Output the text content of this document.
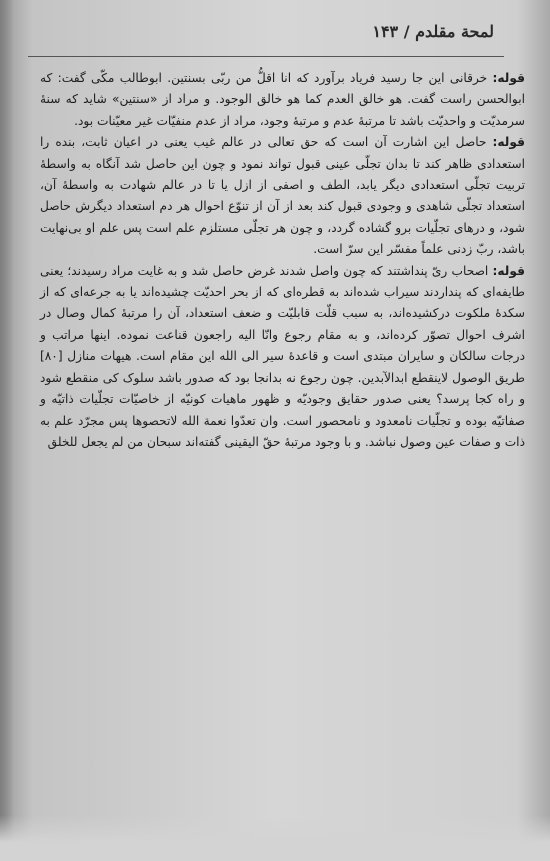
لمحة مقلدم / ۱۴۳

قوله: خرقانی این جا رسید فریاد برآورد که انا اقلُّ من ربّی بسنتین. ابوطالب مکّی گفت: که ابوالحسن راست گفت. هو خالق العدم کما هو خالق الوجود. و مراد از «سنتین» شاید که سنهٔ سرمدیّت و واحدیّت باشد تا مرتبهٔ عدم و مرتبهٔ وجود، مراد از عدم منفیّات غیر معیّنات بود.

قوله: حاصل این اشارت آن است که حق تعالی در عالم غیب یعنی در اعیان ثابت، بنده را استعدادی ظاهر کند تا بدان تجلّی عینی قبول تواند نمود و چون این حاصل شد آنگاه به واسطهٔ تربیت تجلّی استعدادی دیگر یابد، الطف و اصفی از ازل یا تا در عالم شهادت به واسطهٔ آن، استعداد تجلّی شاهدی و وجودی قبول کند بعد از آن از تنوّع احوال هر دم استعداد دیگرش حاصل شود، و درهای تجلّیات برو گشاده گردد، و چون هر تجلّی مستلزم علم است پس علم او بی‌نهایت باشد، ربّ زدنی علماً مفسّر این سرّ است.

قوله: اصحاب ریّ پنداشتند که چون واصل شدند غرض حاصل شد و به غایت مراد رسیدند؛ یعنی طایفه‌ای که پنداردند سیراب شده‌اند به قطره‌ای که از بحر احدیّت چشیده‌اند یا به جرعه‌ای که از سکدهٔ ملکوت درکشیده‌اند، به سبب قلّت قابلیّت و ضعف استعداد، آن را مرتبهٔ کمال وصال در اشرف احوال تصوّر کرده‌اند، و به مقام رجوع وانّا الیه راجعون قناعت نموده. اینها مراتب و درجات سالکان و سایران مبتدی است و قاعدهٔ سیر الی الله این مقام است. هیهات منازل [۸۰] طریق الوصول لاینقطع ابدالآبدین. چون رجوع نه بدانجا بود که صدور باشد سلوک کی منقطع شود و راه کجا پرسد؟ یعنی صدور حقایق وجودیّه و ظهور ماهیات کونیّه از خاصیّات تجلّیات ذاتیّه و صفاتیّه بوده و تجلّیات نامعدود و نامحصور است. وان تعدّوا نعمة الله لاتحصوها پس مجرّد علم به ذات و صفات عین وصول نباشد. و با وجود مرتبهٔ حقّ الیقینی گفته‌اند سبحان من لم یجعل للخلق
